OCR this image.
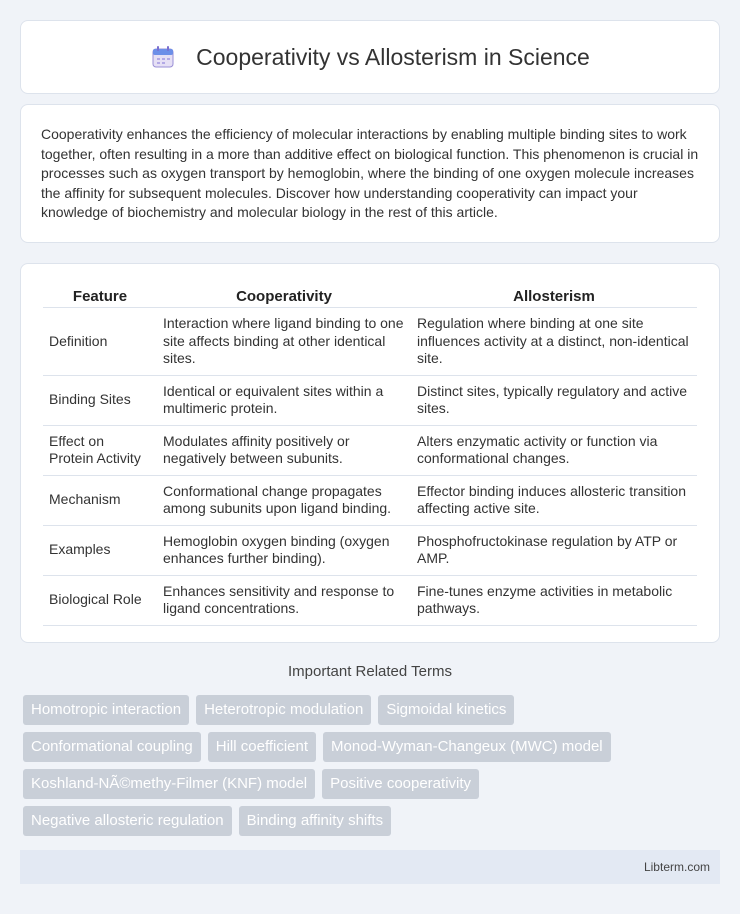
Cooperativity vs Allosterism in Science

Cooperativity enhances the efficiency of molecular interactions by enabling multiple binding sites to work together, often resulting in a more than additive effect on biological function. This phenomenon is crucial in processes such as oxygen transport by hemoglobin, where the binding of one oxygen molecule increases the affinity for subsequent molecules. Discover how understanding cooperativity can impact your knowledge of biochemistry and molecular biology in the rest of this article.

Feature	Cooperativity	Allosterism
Definition	Interaction where ligand binding to one site affects binding at other identical sites.	Regulation where binding at one site influences activity at a distinct, non-identical site.
Binding Sites	Identical or equivalent sites within a multimeric protein.	Distinct sites, typically regulatory and active sites.
Effect on Protein Activity	Modulates affinity positively or negatively between subunits.	Alters enzymatic activity or function via conformational changes.
Mechanism	Conformational change propagates among subunits upon ligand binding.	Effector binding induces allosteric transition affecting active site.
Examples	Hemoglobin oxygen binding (oxygen enhances further binding).	Phosphofructokinase regulation by ATP or AMP.
Biological Role	Enhances sensitivity and response to ligand concentrations.	Fine-tunes enzyme activities in metabolic pathways.
Important Related Terms
Homotropic interaction	Heterotropic modulation	Sigmoidal kinetics
Conformational coupling	Hill coefficient	Monod-Wyman-Changeux (MWC) model
Koshland-NÃ©methy-Filmer (KNF) model	Positive cooperativity
Negative allosteric regulation	Binding affinity shifts
Libterm.com
